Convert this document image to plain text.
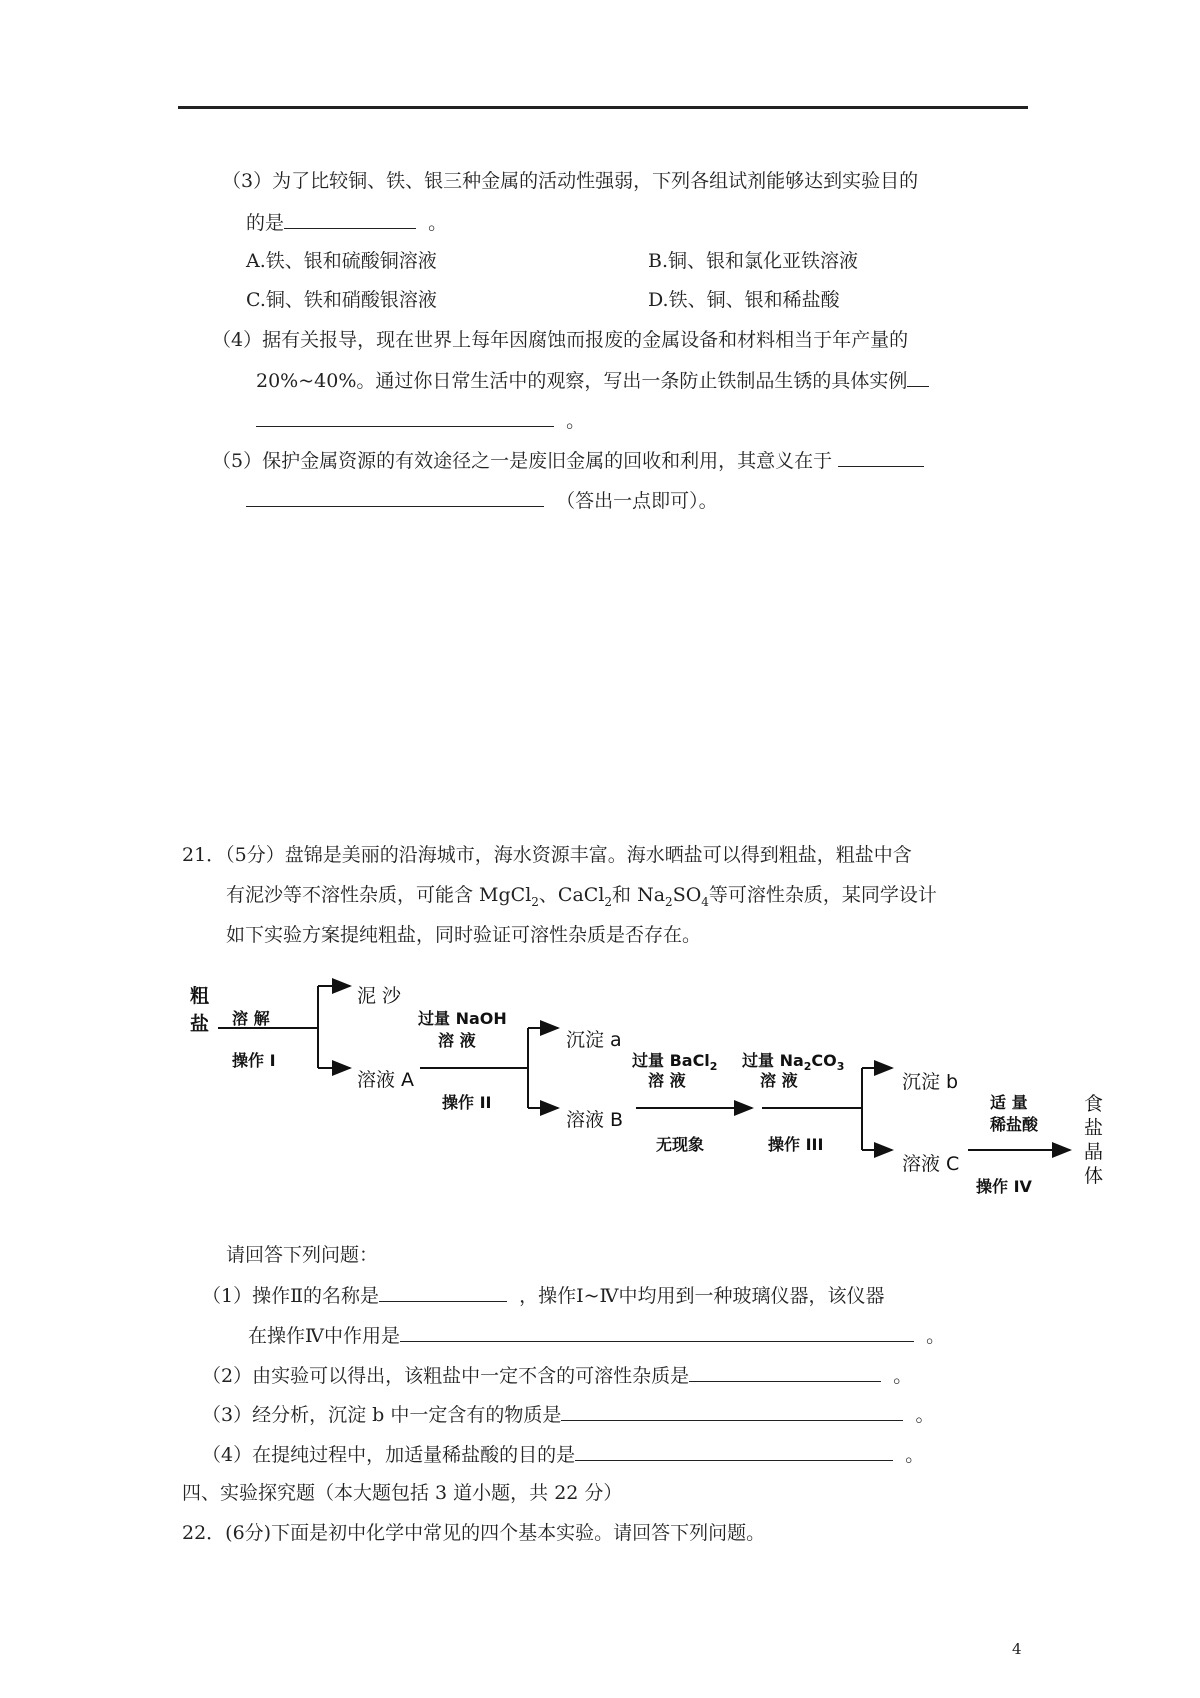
（3）为了比较铜、铁、银三种金属的活动性强弱，下列各组试剂能够达到实验目的
的是	。
A.铁、银和硫酸铜溶液	B.铜、银和氯化亚铁溶液
C.铜、铁和硝酸银溶液	D.铁、铜、银和稀盐酸
（4）据有关报导，现在世界上每年因腐蚀而报废的金属设备和材料相当于年产量的
20%~40%。通过你日常生活中的观察，写出一条防止铁制品生锈的具体实例
。
（5）保护金属资源的有效途径之一是废旧金属的回收和利用，其意义在于
（答出一点即可）。
21．（5分）盘锦是美丽的沿海城市，海水资源丰富。海水晒盐可以得到粗盐，粗盐中含
有泥沙等不溶性杂质，可能含 MgCl$_2$、CaCl$_2$和 $Na_2SO_4$等可溶性杂质，某同学设计
如下实验方案提纯粗盐，同时验证可溶性杂质是否存在。
粗
盐 溶 解
操作 I
泥 沙
溶液 A
过量 NaOH
溶 液
操作 II
沉淀 a
溶液 B
过量 BaCl$_2$
溶 液
无现象
过量 $Na_2CO_3$
溶 液
操作 III
沉淀 b
溶液 C
适 量
稀盐酸
操作 IV
食
盐
晶
体
请回答下列问题：
（1）操作Ⅱ的名称是	，操作Ⅰ~Ⅳ中均用到一种玻璃仪器，该仪器
在操作Ⅳ中作用是	。
（2）由实验可以得出，该粗盐中一定不含的可溶性杂质是	。
（3）经分析，沉淀 b 中一定含有的物质是	。
（4）在提纯过程中，加适量稀盐酸的目的是	。
四、实验探究题（本大题包括 3 道小题，共 22 分）
22．(6分)下面是初中化学中常见的四个基本实验。请回答下列问题。
4
